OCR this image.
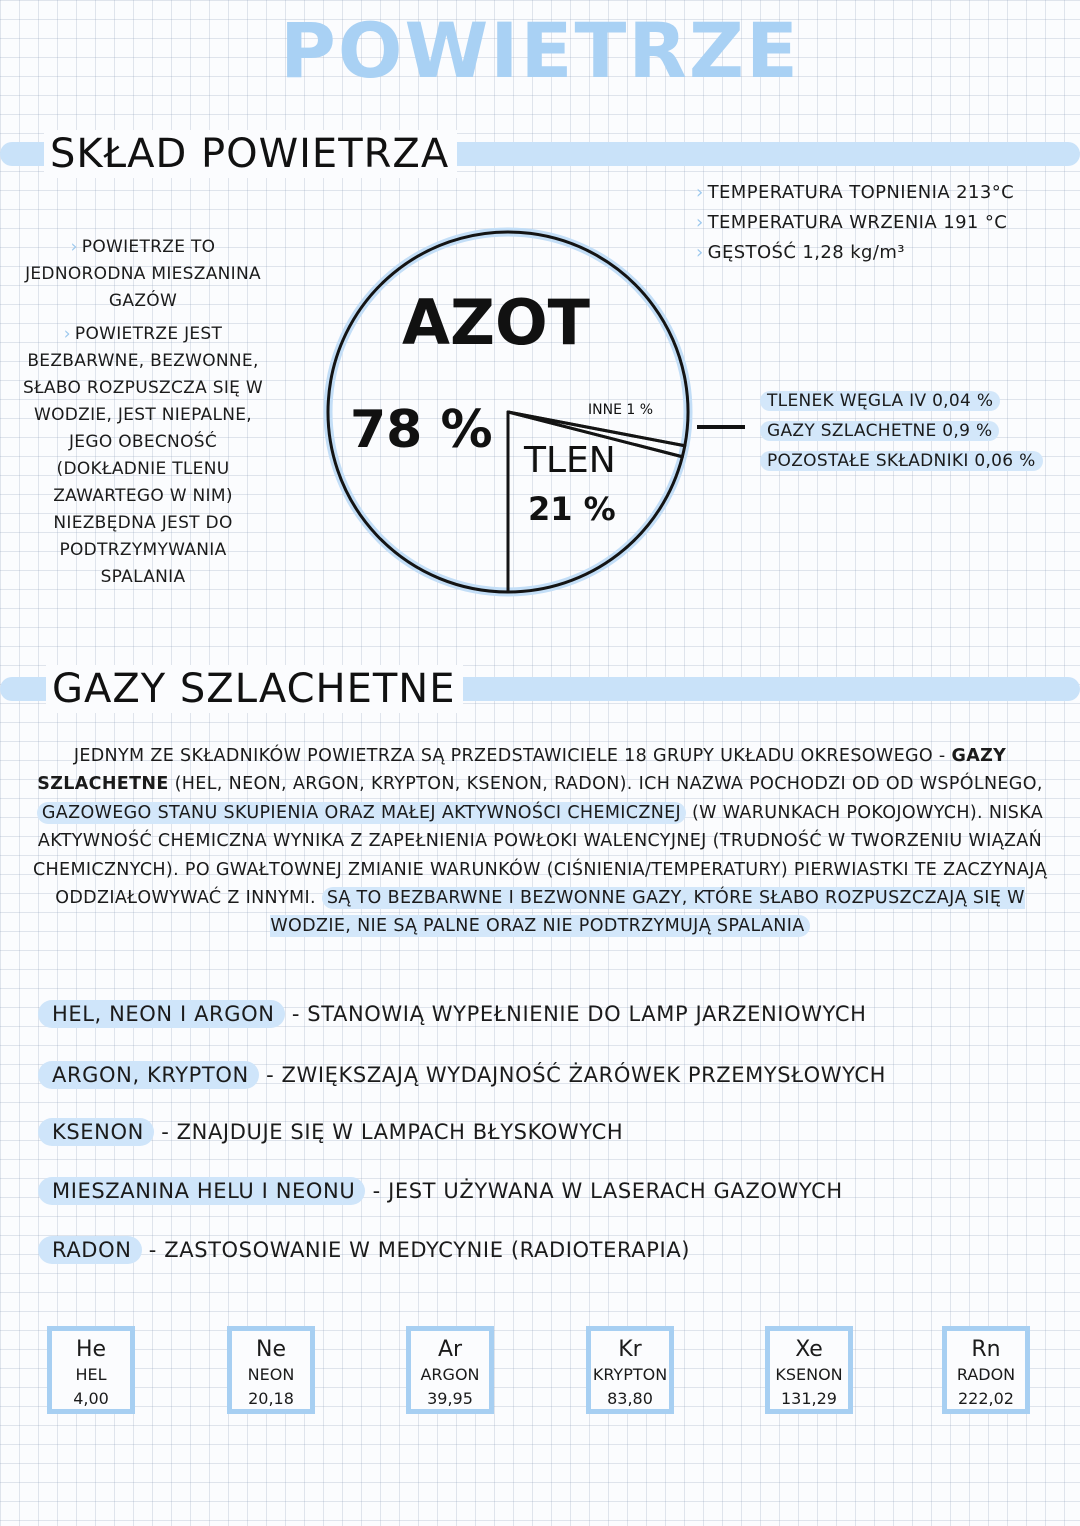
POWIETRZE
SKŁAD POWIETRZA

› POWIETRZE TO JEDNORODNA MIESZANINA GAZÓW

› POWIETRZE JEST BEZBARWNE, BEZWONNE, SŁABO ROZPUSZCZA SIĘ W WODZIE, JEST NIEPALNE, JEGO OBECNOŚĆ (DOKŁADNIE TLENU ZAWARTEGO W NIM) NIEZBĘDNA JEST DO PODTRZYMYWANIA SPALANIA

› TEMPERATURA TOPNIENIA 213°C
› TEMPERATURA WRZENIA 191 °C
› GĘSTOŚĆ 1,28 kg/m³
AZOT
78 %
TLEN
21 %
INNE 1 %	TLENEK WĘGLA IV 0,04 %
GAZY SZLACHETNE 0,9 %
POZOSTAŁE SKŁADNIKI 0,06 %
GAZY SZLACHETNE
JEDNYM ZE SKŁADNIKÓW POWIETRZA SĄ PRZEDSTAWICIELE 18 GRUPY UKŁADU OKRESOWEGO - GAZY SZLACHETNE (HEL, NEON, ARGON, KRYPTON, KSENON, RADON). ICH NAZWA POCHODZI OD OD WSPÓLNEGO, GAZOWEGO STANU SKUPIENIA ORAZ MAŁEJ AKTYWNOŚCI CHEMICZNEJ (W WARUNKACH POKOJOWYCH). NISKA AKTYWNOŚĆ CHEMICZNA WYNIKA Z ZAPEŁNIENIA POWŁOKI WALENCYJNEJ (TRUDNOŚĆ W TWORZENIU WIĄZAŃ CHEMICZNYCH). PO GWAŁTOWNEJ ZMIANIE WARUNKÓW (CIŚNIENIA/TEMPERATURY) PIERWIASTKI TE ZACZYNAJĄ ODDZIAŁOWYWAĆ Z INNYMI. SĄ TO BEZBARWNE I BEZWONNE GAZY, KTÓRE SŁABO ROZPUSZCZAJĄ SIĘ W WODZIE, NIE SĄ PALNE ORAZ NIE PODTRZYMUJĄ SPALANIA
HEL, NEON I ARGON - STANOWIĄ WYPEŁNIENIE DO LAMP JARZENIOWYCH
ARGON, KRYPTON - ZWIĘKSZAJĄ WYDAJNOŚĆ ŻARÓWEK PRZEMYSŁOWYCH
KSENON - ZNAJDUJE SIĘ W LAMPACH BŁYSKOWYCH
MIESZANINA HELU I NEONU - JEST UŻYWANA W LASERACH GAZOWYCH
RADON - ZASTOSOWANIE W MEDYCYNIE (RADIOTERAPIA)
He
HEL
4,00
Ne
NEON
20,18
Ar
ARGON
39,95
Kr
KRYPTON
83,80
Xe
KSENON
131,29
Rn
RADON
222,02
